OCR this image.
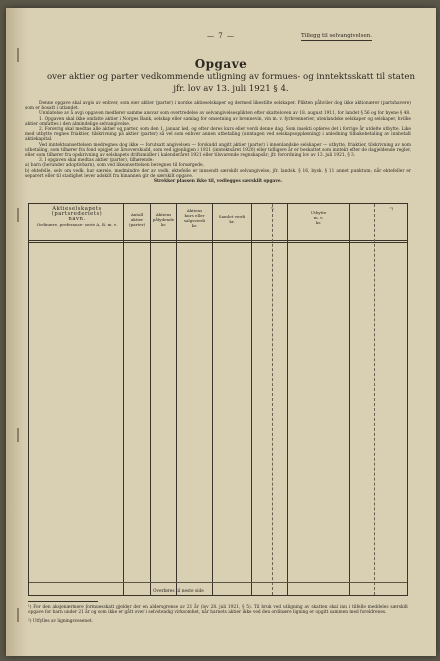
— 7 —	Tillegg til selvangivelsen.
Opgave
over aktier og parter vedkommende utligning av formues- og inntektsskatt til staten
jfr. lov av 13. juli 1921 § 4.

Denne opgave skal avgis av enhver, som eier aktier (parter) i norske aktieselskaper og dermed likestilte selskaper. Plikten påhviler dog ikke aktionærer (partshavere) som er bosatt i utlandet.

Unnlatelse av å avgi opgaven medfører samme ansvar som overtredelse av selvangivelsesplikten efter skatteloven av 18. august 1911, for landet § 56 og for byene § 48.

1. Opgaven skal ikke omfatte aktier i Norges Bank, selskap eller samlag for omsetning av brennevin, vin m. v. fyrbrennerier, utenlandske selskaper og selskaper, hvilke aktier omfattes i den almindelige selvangivelse.

2. Forøvrig skal medtas alle aktier og parter, som den 1. januar lød, og efter deres kurs eller verdi denne dag. Som insekti opføres det i forrige år utdelte utbytte. Like med utbytte regnes friaktier, tilskrivning på aktier (parter) så vel som enhver annen utbetaling (unntagen ved selskapsoppløsning) i anledning tilbakebetaling av innbetalt aktiekapital.

Ved inntektsansettelsen medregnes dog ikke — forutsatt angivelsen — forskudd angitt aktier (parter) i innenlandske selskaper — utbytte, friaktier, tilskrivning av nom utbetaling, som tilhører fra fond opigjet av årsoverskudd, som ved igjenligjen i 1921 (inntektsåret 1920) eller tidligere år er beskattet som inntekt efter de dagjeldende regler, eller som tilhører fra opskrivning av selskapets driftsmidler i kalenderåret 1921 eller tilsvarende regnskapsår; jfr. forordning lov av 13. juli 1921, § 3.

3. I opgaven skal medtas aktier (parter), tilhørende:

a) barn (herunder adoptivbarn), som ved likeansettelsen beregnes til forsørgede,

b) ektefelle, selv om vedk. har særeie, medmindre der av vedk. ektefelle er innsendt særskilt selvangivelse, jfr. landsk. § 16, bysk. § 11 annet punktum; når ektefeller er separert eller til stadighet lever adskilt fra hinannen gir de særskilt opgave.

Strekker plassen ikke til, vedlegges særskilt opgave.

Aktieselskapets
(partsrederiets)
navn.
Ordinære, preferanse- serie A, B, m. v.
Antall
aktier
(parter)
Aktiens
pålydende
kr.
Aktiens
kurs eller
salgsverdi
kr.
Samlet verdi
kr.
¹)
Utbytte
m. v.
kr.
²)
Overføres til neste side

¹) For den aksjenærmere formuesskatt gjelder der en aldersgrense av 21 år (lov 28. juli 1921, § 5). Til bruk ved utligning av skatten skal inn i tilfelle meddeles særskilt opgave for barn under 21 år og som ikke er gått over i selvstendig virksomhet, når barnets aktier ikke ved den ordinære ligning er opgitt sammen med foreldrenes.

²) Utfylles av ligningsvesenet.
